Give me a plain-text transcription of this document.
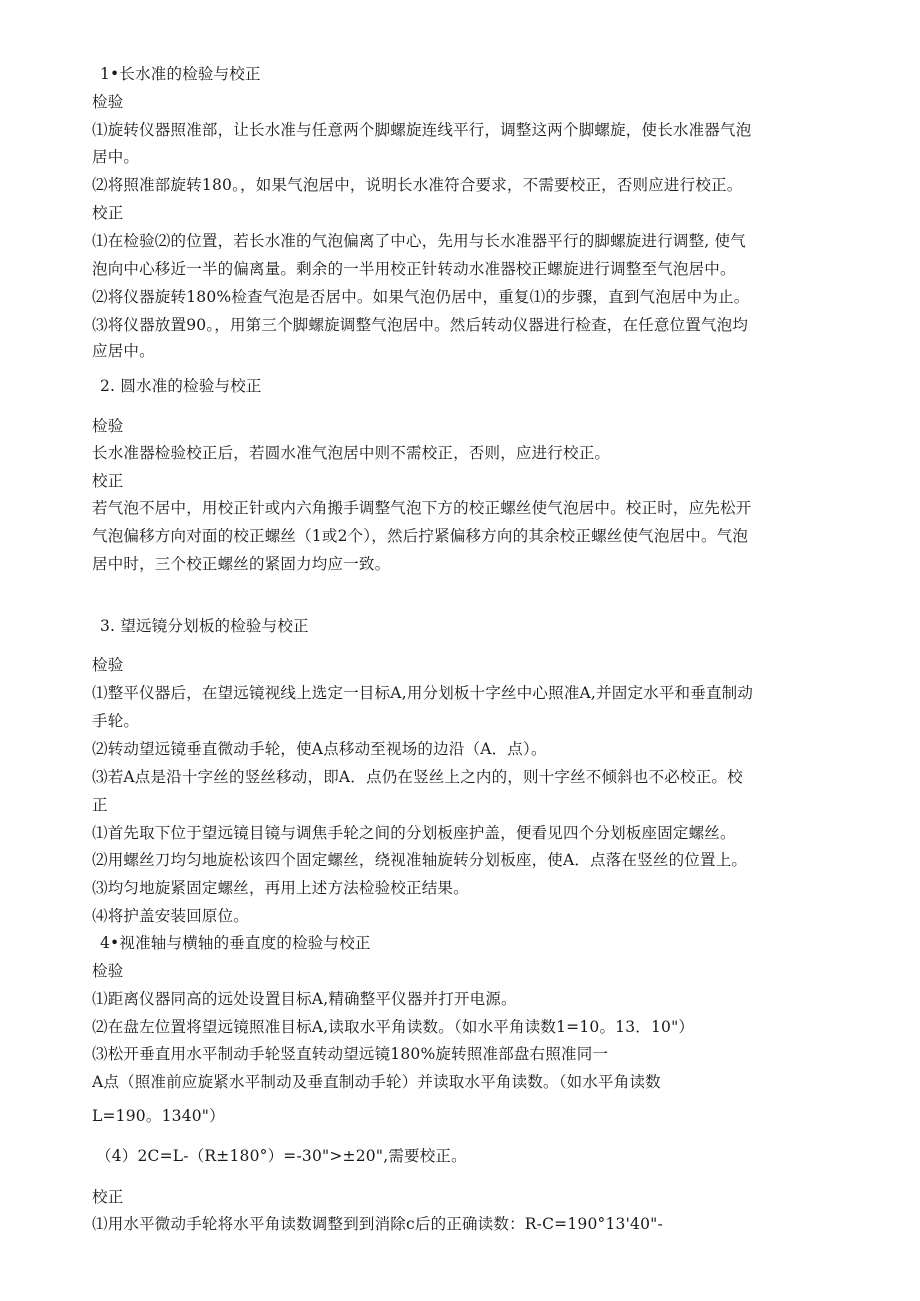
1•长水准的检验与校正
检验
⑴旋转仪器照准部，让长水准与任意两个脚螺旋连线平行，调整这两个脚螺旋，使长水准器气泡
居中。
⑵将照准部旋转180。，如果气泡居中，说明长水准符合要求，不需要校正，否则应进行校正。
校正
⑴在检验⑵的位置，若长水准的气泡偏离了中心，先用与长水准器平行的脚螺旋进行调整, 使气
泡向中心移近一半的偏离量。剩余的一半用校正针转动水准器校正螺旋进行调整至气泡居中。
⑵将仪器旋转180%检查气泡是否居中。如果气泡仍居中，重复⑴的步骤，直到气泡居中为止。
⑶将仪器放置90。，用第三个脚螺旋调整气泡居中。然后转动仪器进行检查，在任意位置气泡均
应居中。
2. 圆水准的检验与校正
检验
长水准器检验校正后，若圆水准气泡居中则不需校正，否则，应进行校正。
校正
若气泡不居中，用校正针或内六角搬手调整气泡下方的校正螺丝使气泡居中。校正时，应先松开
气泡偏移方向对面的校正螺丝（1或2个），然后拧紧偏移方向的其余校正螺丝使气泡居中。气泡
居中时，三个校正螺丝的紧固力均应一致。
3. 望远镜分划板的检验与校正
检验
⑴整平仪器后，在望远镜视线上选定一目标A,用分划板十字丝中心照准A,并固定水平和垂直制动
手轮。
⑵转动望远镜垂直微动手轮，使A点移动至视场的边沿（A．点）。
⑶若A点是沿十字丝的竖丝移动，即A．点仍在竖丝上之内的，则十字丝不倾斜也不必校正。校
正
⑴首先取下位于望远镜目镜与调焦手轮之间的分划板座护盖，便看见四个分划板座固定螺丝。
⑵用螺丝刀均匀地旋松该四个固定螺丝，绕视准轴旋转分划板座，使A．点落在竖丝的位置上。
⑶均匀地旋紧固定螺丝，再用上述方法检验校正结果。
⑷将护盖安装回原位。
4•视准轴与横轴的垂直度的检验与校正
检验
⑴距离仪器同高的远处设置目标A,精确整平仪器并打开电源。
⑵在盘左位置将望远镜照准目标A,读取水平角读数。（如水平角读数1=10。13．10"）
⑶松开垂直用水平制动手轮竖直转动望远镜180%旋转照准部盘右照准同一
A点（照准前应旋紧水平制动及垂直制动手轮）并读取水平角读数。（如水平角读数
L=190。1340"）
（4）2C=L-（R±180°）=-30">±20",需要校正。
校正
⑴用水平微动手轮将水平角读数调整到到消除c后的正确读数：R-C=190°13'40"-
